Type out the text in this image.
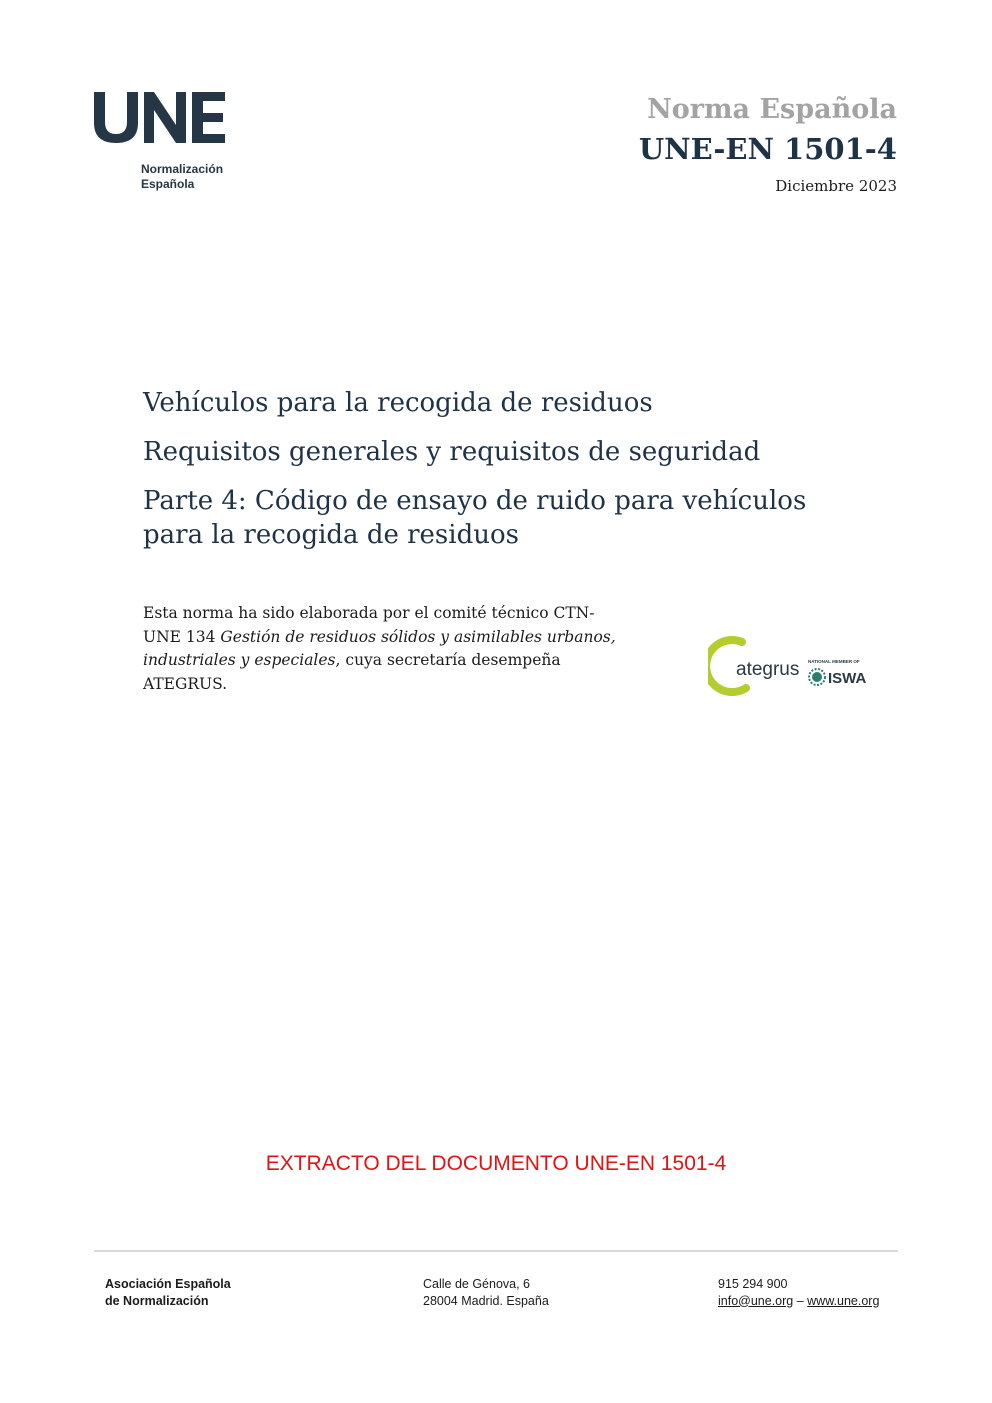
Normalización
Española
Norma Española
UNE-EN 1501-4
Diciembre 2023
Vehículos para la recogida de residuos
Requisitos generales y requisitos de seguridad
Parte 4: Código de ensayo de ruido para vehículos para la recogida de residuos
Esta norma ha sido elaborada por el comité técnico CTN-UNE 134 Gestión de residuos sólidos y asimilables urbanos, industriales y especiales, cuya secretaría desempeña ATEGRUS.
ategrus NATIONAL MEMBER OF
ISWA
EXTRACTO DEL DOCUMENTO UNE-EN 1501-4
Asociación Española
de Normalización
Calle de Génova, 6
28004 Madrid. España
915 294 900
info@une.org – www.une.org
